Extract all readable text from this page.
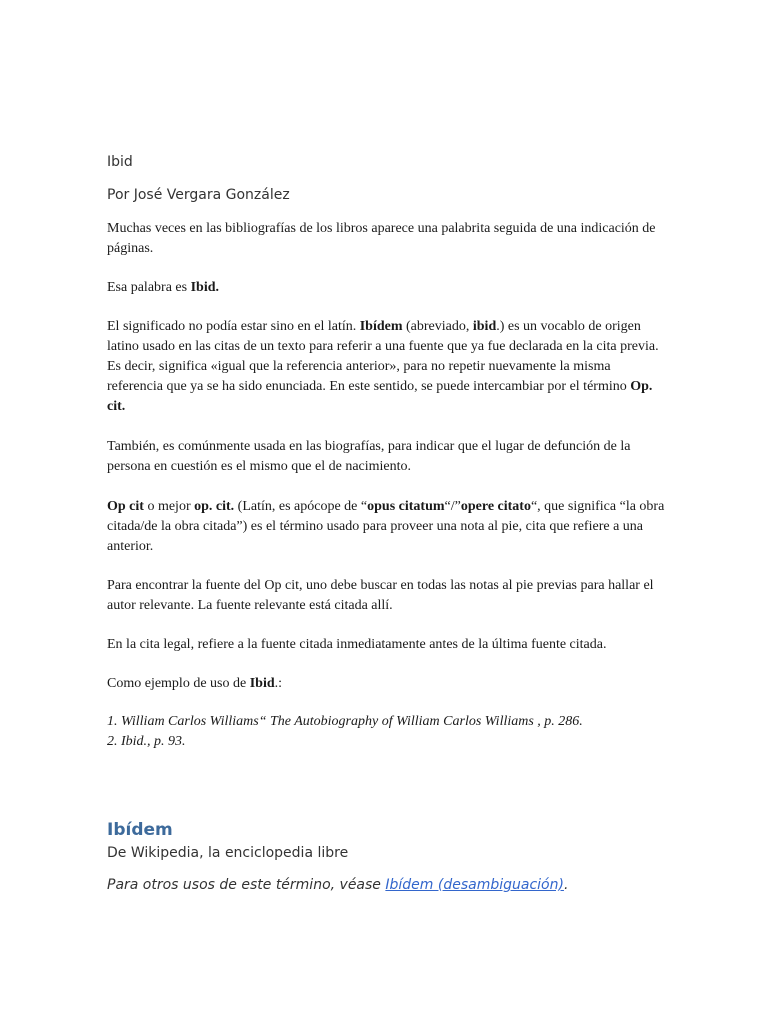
Ibid
Por José Vergara González

Muchas veces en las bibliografías de los libros aparece una palabrita seguida de una indicación de páginas.

Esa palabra es Ibid.

El significado no podía estar sino en el latín. Ibídem (abreviado, ibid.) es un vocablo de origen latino usado en las citas de un texto para referir a una fuente que ya fue declarada en la cita previa. Es decir, significa «igual que la referencia anterior», para no repetir nuevamente la misma referencia que ya se ha sido enunciada. En este sentido, se puede intercambiar por el término Op. cit.

También, es comúnmente usada en las biografías, para indicar que el lugar de defunción de la persona en cuestión es el mismo que el de nacimiento.

Op cit o mejor op. cit. (Latín, es apócope de “opus citatum“/”opere citato“, que significa “la obra citada/de la obra citada”) es el término usado para proveer una nota al pie, cita que refiere a una anterior.

Para encontrar la fuente del Op cit, uno debe buscar en todas las notas al pie previas para hallar el autor relevante. La fuente relevante está citada allí.

En la cita legal, refiere a la fuente citada inmediatamente antes de la última fuente citada.

Como ejemplo de uso de Ibid.:

1. William Carlos Williams“ The Autobiography of William Carlos Williams , p. 286.

2. Ibid., p. 93.

Ibídem
De Wikipedia, la enciclopedia libre
Para otros usos de este término, véase Ibídem (desambiguación).
